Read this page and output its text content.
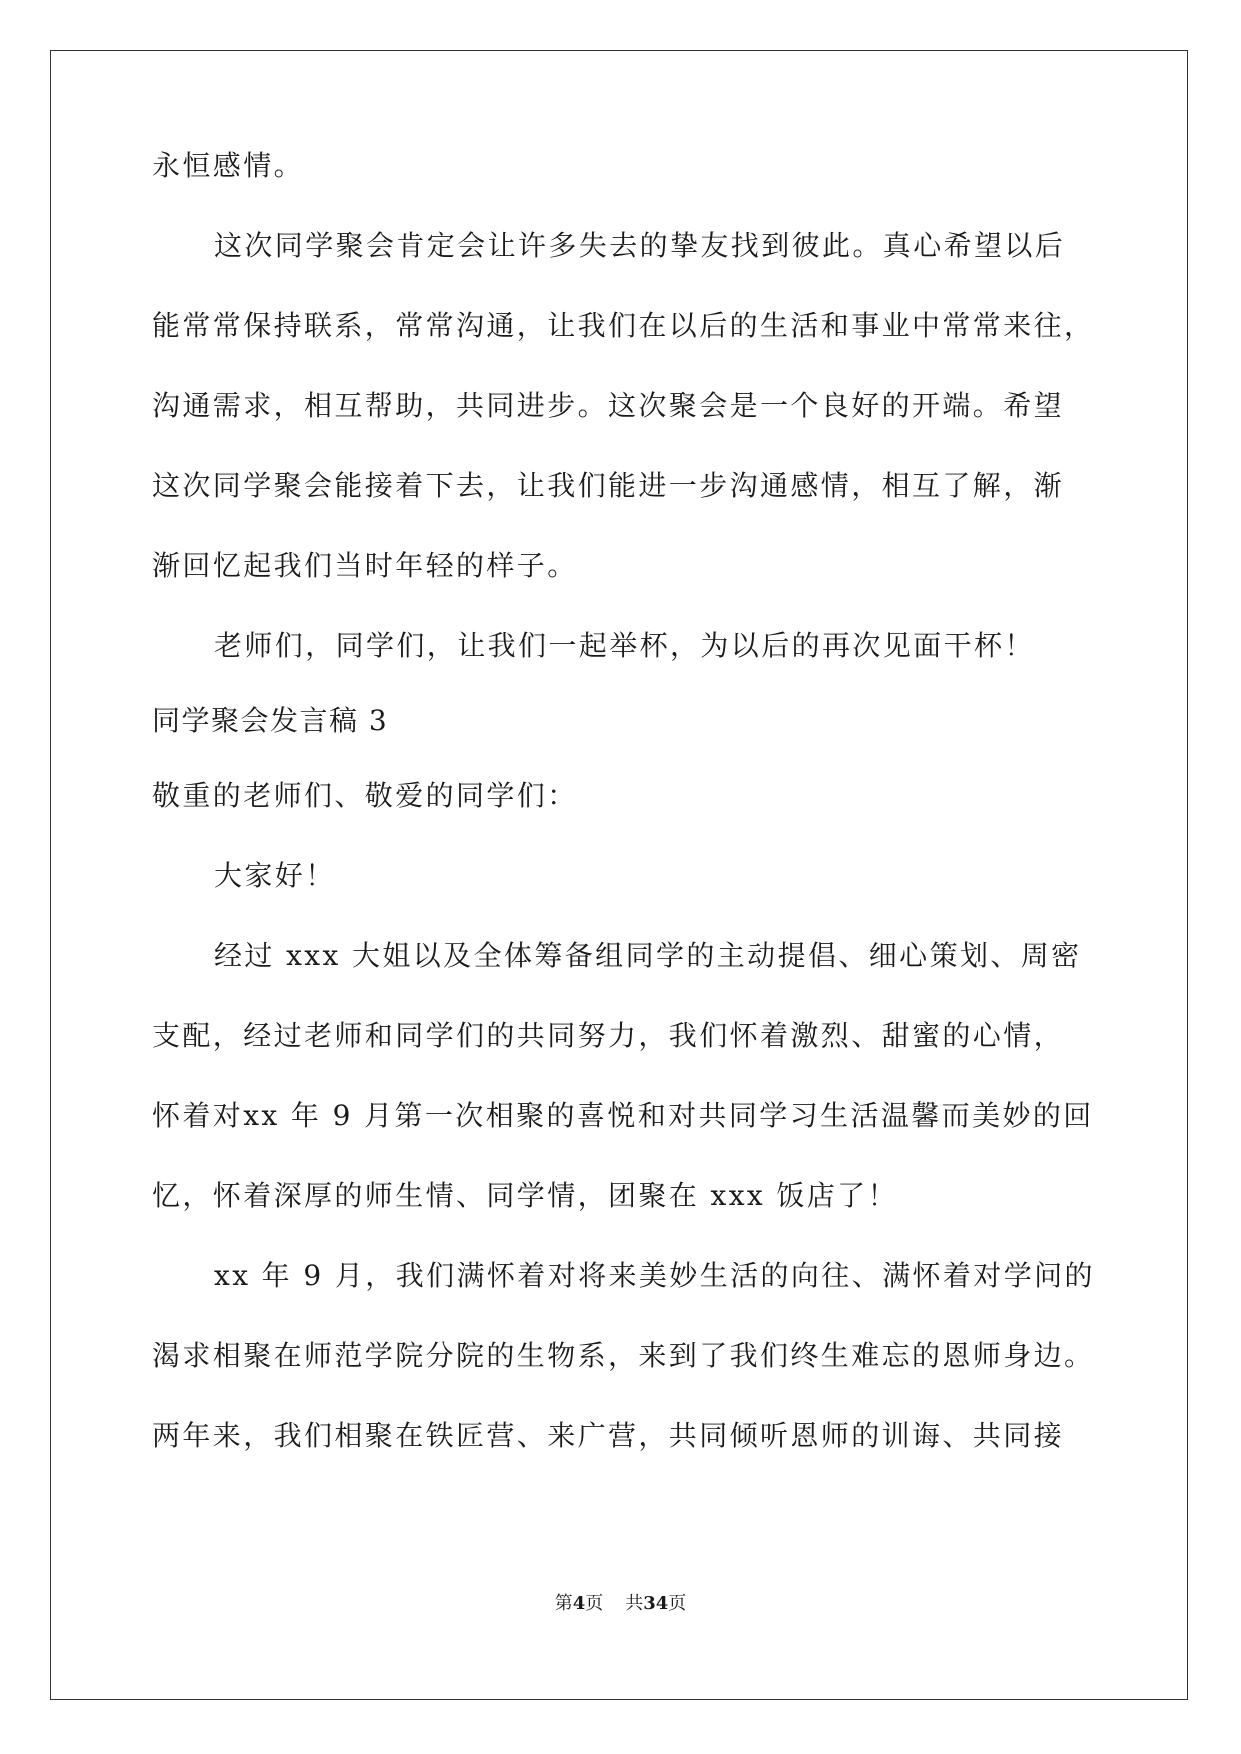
永恒感情。
这次同学聚会肯定会让许多失去的挚友找到彼此。真心希望以后
能常常保持联系，常常沟通，让我们在以后的生活和事业中常常来往，
沟通需求，相互帮助，共同进步。这次聚会是一个良好的开端。希望
这次同学聚会能接着下去，让我们能进一步沟通感情，相互了解，渐
渐回忆起我们当时年轻的样子。
老师们，同学们，让我们一起举杯，为以后的再次见面干杯！
同学聚会发言稿 3
敬重的老师们、敬爱的同学们：
大家好！
经过 xxx 大姐以及全体筹备组同学的主动提倡、细心策划、周密
支配，经过老师和同学们的共同努力，我们怀着激烈、甜蜜的心情，
怀着对xx 年 9 月第一次相聚的喜悦和对共同学习生活温馨而美妙的回
忆，怀着深厚的师生情、同学情，团聚在 xxx 饭店了！
xx 年 9 月，我们满怀着对将来美妙生活的向往、满怀着对学问的
渴求相聚在师范学院分院的生物系，来到了我们终生难忘的恩师身边。
两年来，我们相聚在铁匠营、来广营，共同倾听恩师的训诲、共同接
第4页 共34页
